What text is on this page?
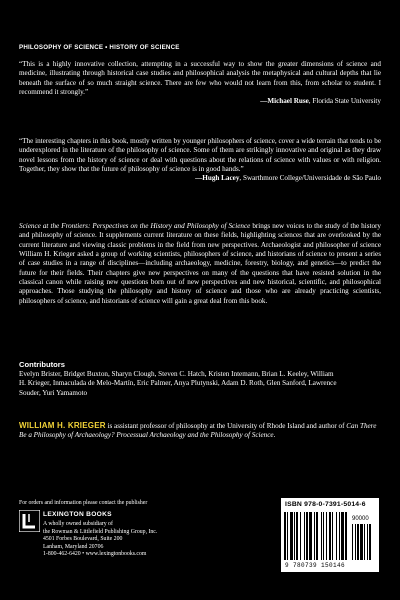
PHILOSOPHY OF SCIENCE • HISTORY OF SCIENCE

“This is a highly innovative collection, attempting in a successful way to show the greater dimensions of science and medicine, illustrating through historical case studies and philosophical analysis the metaphysical and cultural depths that lie beneath the surface of so much straight science. There are few who would not learn from this, from scholar to student. I recommend it strongly.”
—Michael Ruse, Florida State University

“The interesting chapters in this book, mostly written by younger philosophers of science, cover a wide terrain that tends to be underexplored in the literature of the philosophy of science. Some of them are strikingly innovative and original as they draw novel lessons from the history of science or deal with questions about the relations of science with values or with religion. Together, they show that the future of philosophy of science is in good hands.”
—Hugh Lacey, Swarthmore College/Universidade de São Paulo

Science at the Frontiers: Perspectives on the History and Philosophy of Science brings new voices to the study of the history and philosophy of science. It supplements current literature on these fields, highlighting sciences that are overlooked by the current literature and viewing classic problems in the field from new perspectives. Archaeologist and philosopher of science William H. Krieger asked a group of working scientists, philosophers of science, and historians of science to present a series of case studies in a range of disciplines—including archaeology, medicine, forestry, biology, and genetics—to predict the future for their fields. Their chapters give new perspectives on many of the questions that have resisted solution in the classical canon while raising new questions born out of new perspectives and new historical, scientific, and philosophical approaches. Those studying the philosophy and history of science and those who are already practicing scientists, philosophers of science, and historians of science will gain a great deal from this book.

Contributors

Evelyn Brister, Bridget Buxton, Sharyn Clough, Steven C. Hatch, Kristen Intemann, Brian L. Keeley, William H. Krieger, Inmaculada de Melo-Martín, Eric Palmer, Anya Plutynski, Adam D. Roth, Glen Sanford, Lawrence Souder, Yuri Yamamoto

WILLIAM H. KRIEGER is assistant professor of philosophy at the University of Rhode Island and author of Can There Be a Philosophy of Archaeology? Processual Archaeology and the Philosophy of Science.

For orders and information please contact the publisher
LEXINGTON BOOKS
A wholly owned subsidiary of
the Rowman & Littlefield Publishing Group, Inc.
4501 Forbes Boulevard, Suite 200
Lanham, Maryland 20706
1-800-462-6420 • www.lexingtonbooks.com
ISBN 978-0-7391-5014-6
90000
9 780739 150146
